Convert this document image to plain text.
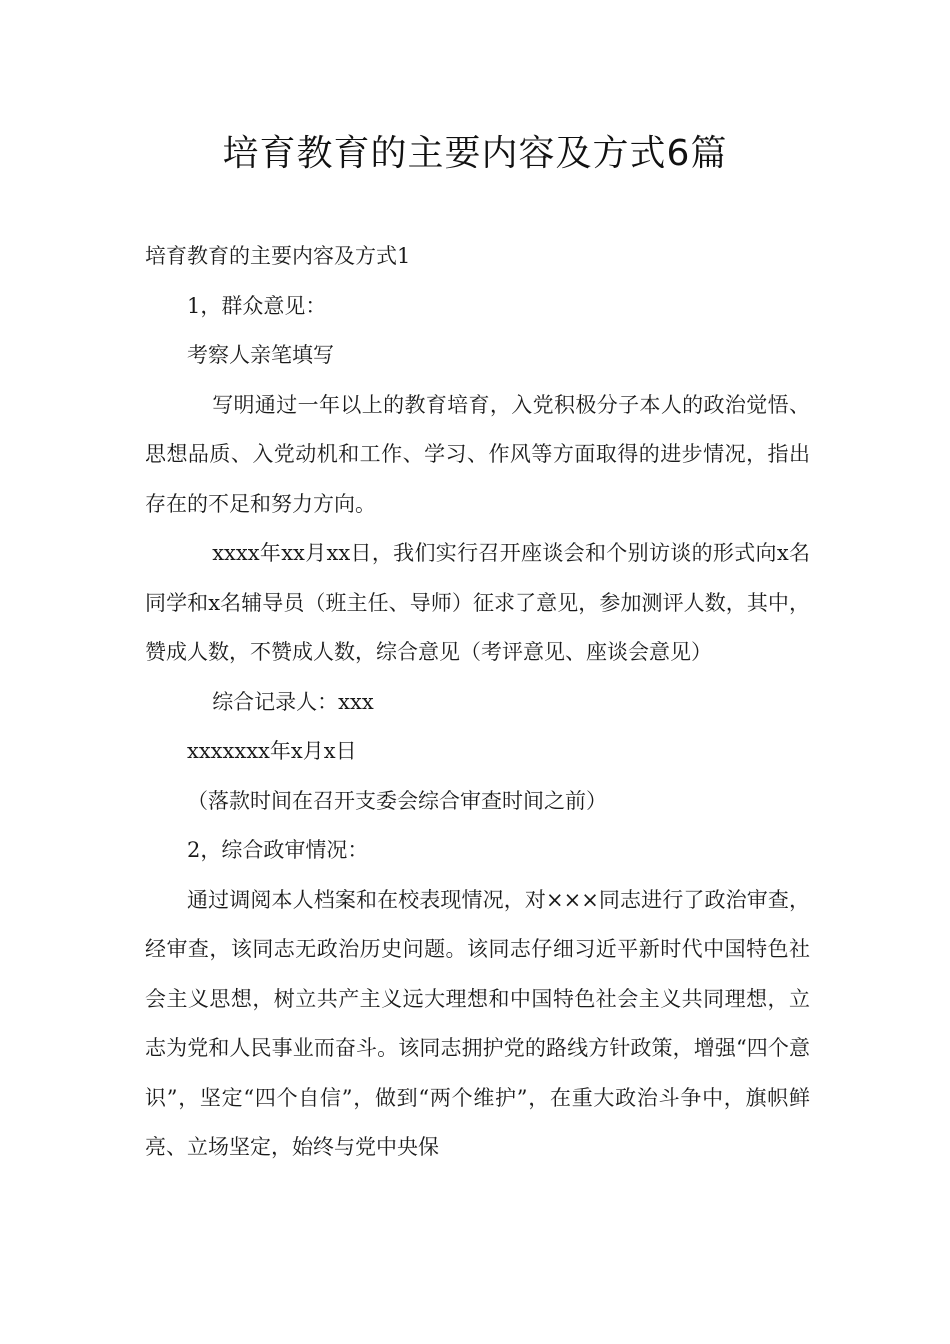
培育教育的主要内容及方式6篇

培育教育的主要内容及方式1

1，群众意见：

考察人亲笔填写

写明通过一年以上的教育培育，入党积极分子本人的政治觉悟、思想品质、入党动机和工作、学习、作风等方面取得的进步情况，指出存在的不足和努力方向。

xxxx年xx月xx日，我们实行召开座谈会和个别访谈的形式向x名同学和x名辅导员（班主任、导师）征求了意见，参加测评人数，其中，赞成人数，不赞成人数，综合意见（考评意见、座谈会意见）

综合记录人：xxx

xxxxxxx年x月x日

（落款时间在召开支委会综合审查时间之前）

2，综合政审情况：

通过调阅本人档案和在校表现情况，对×××同志进行了政治审查，经审查，该同志无政治历史问题。该同志仔细习近平新时代中国特色社会主义思想，树立共产主义远大理想和中国特色社会主义共同理想，立志为党和人民事业而奋斗。该同志拥护党的路线方针政策，增强“四个意识”，坚定“四个自信”，做到“两个维护”，在重大政治斗争中，旗帜鲜亮、立场坚定，始终与党中央保
